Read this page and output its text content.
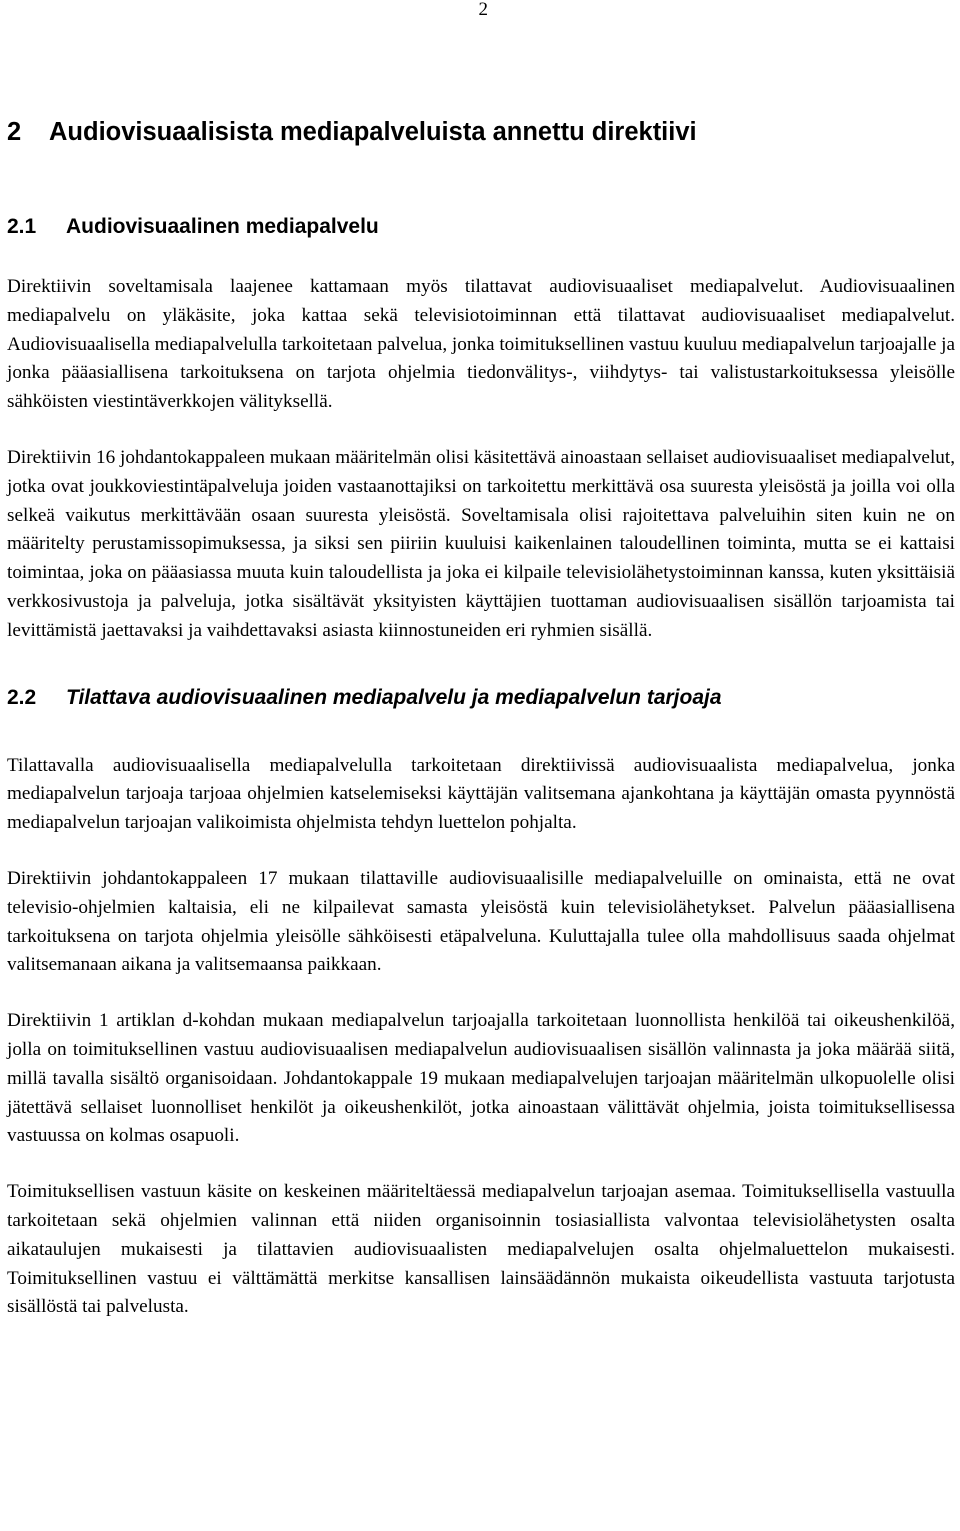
2
2 Audiovisuaalisista mediapalveluista annettu direktiivi
2.1 Audiovisuaalinen mediapalvelu

Direktiivin soveltamisala laajenee kattamaan myös tilattavat audiovisuaaliset mediapalvelut. Audiovisuaalinen mediapalvelu on yläkäsite, joka kattaa sekä televisiotoiminnan että tilattavat audiovisuaaliset mediapalvelut. Audiovisuaalisella mediapalvelulla tarkoitetaan palvelua, jonka toimituksellinen vastuu kuuluu mediapalvelun tarjoajalle ja jonka pääasiallisena tarkoituksena on tarjota ohjelmia tiedonvälitys-, viihdytys- tai valistustarkoituksessa yleisölle sähköisten viestintäverkkojen välityksellä.

Direktiivin 16 johdantokappaleen mukaan määritelmän olisi käsitettävä ainoastaan sellaiset audiovisuaaliset mediapalvelut, jotka ovat joukkoviestintäpalveluja joiden vastaanottajiksi on tarkoitettu merkittävä osa suuresta yleisöstä ja joilla voi olla selkeä vaikutus merkittävään osaan suuresta yleisöstä. Soveltamisala olisi rajoitettava palveluihin siten kuin ne on määritelty perustamissopimuksessa, ja siksi sen piiriin kuuluisi kaikenlainen taloudellinen toiminta, mutta se ei kattaisi toimintaa, joka on pääasiassa muuta kuin taloudellista ja joka ei kilpaile televisiolähetystoiminnan kanssa, kuten yksittäisiä verkkosivustoja ja palveluja, jotka sisältävät yksityisten käyttäjien tuottaman audiovisuaalisen sisällön tarjoamista tai levittämistä jaettavaksi ja vaihdettavaksi asiasta kiinnostuneiden eri ryhmien sisällä.

2.2 Tilattava audiovisuaalinen mediapalvelu ja mediapalvelun tarjoaja

Tilattavalla audiovisuaalisella mediapalvelulla tarkoitetaan direktiivissä audiovisuaalista mediapalvelua, jonka mediapalvelun tarjoaja tarjoaa ohjelmien katselemiseksi käyttäjän valitsemana ajankohtana ja käyttäjän omasta pyynnöstä mediapalvelun tarjoajan valikoimista ohjelmista tehdyn luettelon pohjalta.

Direktiivin johdantokappaleen 17 mukaan tilattaville audiovisuaalisille mediapalveluille on ominaista, että ne ovat televisio-ohjelmien kaltaisia, eli ne kilpailevat samasta yleisöstä kuin televisiolähetykset. Palvelun pääasiallisena tarkoituksena on tarjota ohjelmia yleisölle sähköisesti etäpalveluna. Kuluttajalla tulee olla mahdollisuus saada ohjelmat valitsemanaan aikana ja valitsemaansa paikkaan.

Direktiivin 1 artiklan d-kohdan mukaan mediapalvelun tarjoajalla tarkoitetaan luonnollista henkilöä tai oikeushenkilöä, jolla on toimituksellinen vastuu audiovisuaalisen mediapalvelun audiovisuaalisen sisällön valinnasta ja joka määrää siitä, millä tavalla sisältö organisoidaan. Johdantokappale 19 mukaan mediapalvelujen tarjoajan määritelmän ulkopuolelle olisi jätettävä sellaiset luonnolliset henkilöt ja oikeushenkilöt, jotka ainoastaan välittävät ohjelmia, joista toimituksellisessa vastuussa on kolmas osapuoli.

Toimituksellisen vastuun käsite on keskeinen määriteltäessä mediapalvelun tarjoajan asemaa. Toimituksellisella vastuulla tarkoitetaan sekä ohjelmien valinnan että niiden organisoinnin tosiasiallista valvontaa televisiolähetysten osalta aikataulujen mukaisesti ja tilattavien audiovisuaalisten mediapalvelujen osalta ohjelmaluettelon mukaisesti. Toimituksellinen vastuu ei välttämättä merkitse kansallisen lainsäädännön mukaista oikeudellista vastuuta tarjotusta sisällöstä tai palvelusta.
